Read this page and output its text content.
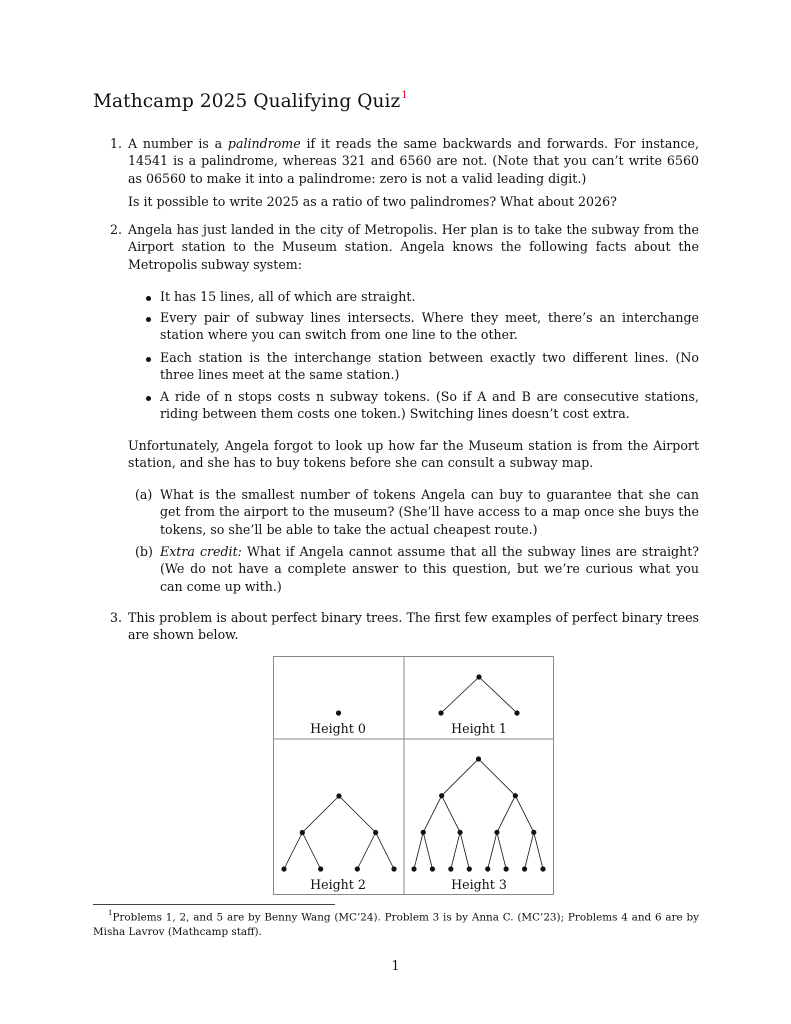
Mathcamp 2025 Qualifying Quiz$^1$
1. A number is a palindrome if it reads the same backwards and forwards. For instance, 14541 is a palindrome, whereas 321 and 6560 are not. (Note that you can’t write 6560 as 06560 to make it into a palindrome: zero is not a valid leading digit.)
Is it possible to write 2025 as a ratio of two palindromes? What about 2026?
2. Angela has just landed in the city of Metropolis. Her plan is to take the subway from the Airport station to the Museum station. Angela knows the following facts about the Metropolis subway system:
It has 15 lines, all of which are straight.
Every pair of subway lines intersects. Where they meet, there’s an interchange station where you can switch from one line to the other.
Each station is the interchange station between exactly two different lines. (No three lines meet at the same station.)
A ride of n stops costs n subway tokens. (So if A and B are consecutive stations, riding between them costs one token.) Switching lines doesn’t cost extra.
Unfortunately, Angela forgot to look up how far the Museum station is from the Airport station, and she has to buy tokens before she can consult a subway map.
(a) What is the smallest number of tokens Angela can buy to guarantee that she can get from the airport to the museum? (She’ll have access to a map once she buys the tokens, so she’ll be able to take the actual cheapest route.)
(b) Extra credit: What if Angela cannot assume that all the subway lines are straight? (We do not have a complete answer to this question, but we’re curious what you can come up with.)
3. This problem is about perfect binary trees. The first few examples of perfect binary trees are shown below.
Height 0	Height 1
Height 2	Height 3
$^1$Problems 1, 2, and 5 are by Benny Wang (MC’24). Problem 3 is by Anna C. (MC’23); Problems 4 and 6 are by Misha Lavrov (Mathcamp staff).
1
